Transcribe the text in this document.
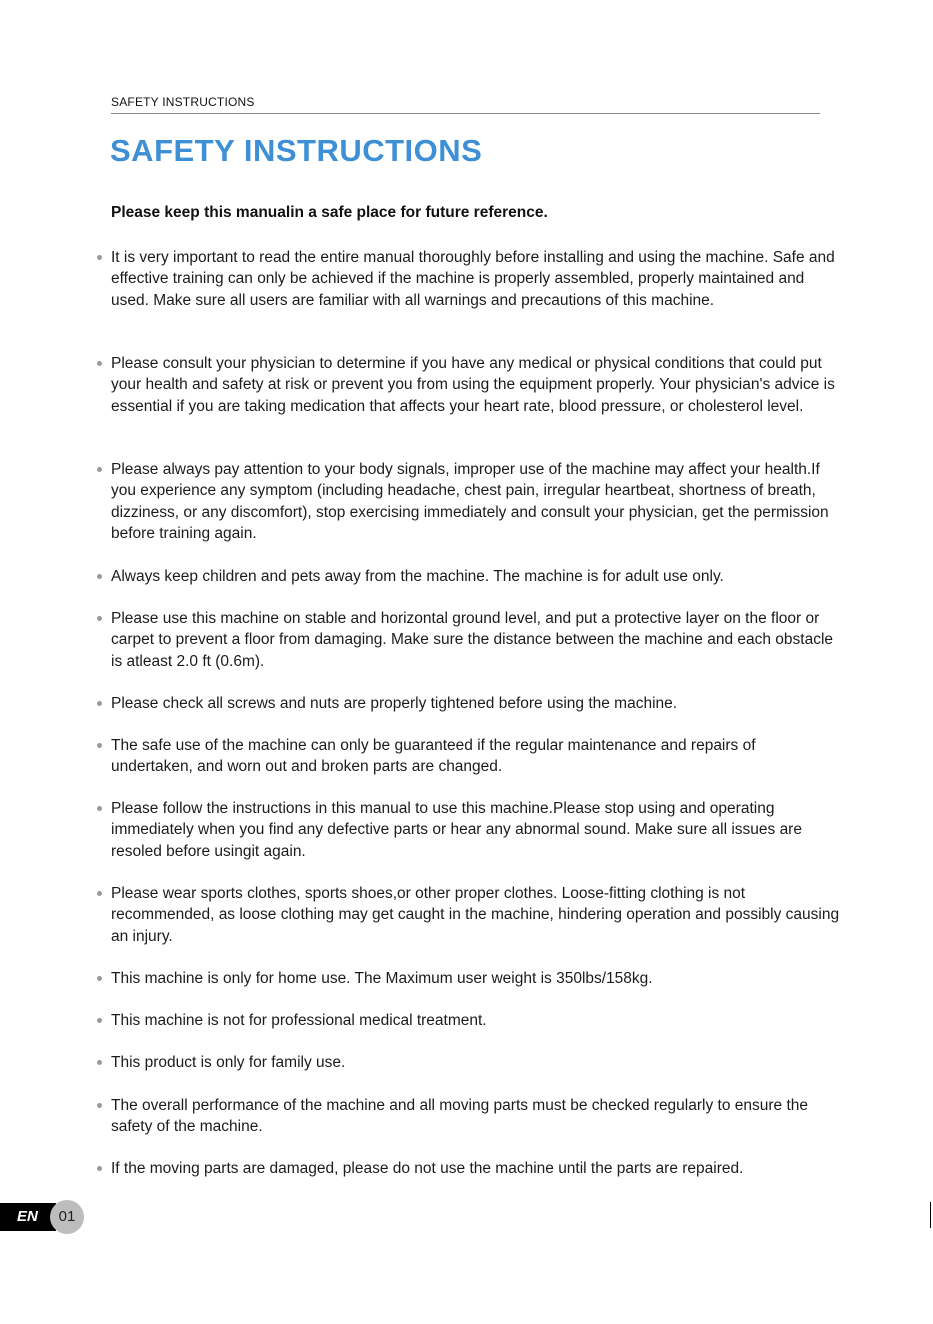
SAFETY INSTRUCTIONS
SAFETY INSTRUCTIONS

Please keep this manualin a safe place for future reference.

It is very important to read the entire manual thoroughly before installing and using the machine. Safe and effective training can only be achieved if the machine is properly assembled, properly maintained and used. Make sure all users are familiar with all warnings and precautions of this machine.
Please consult your physician to determine if you have any medical or physical conditions that could put your health and safety at risk or prevent you from using the equipment properly. Your physician's advice is essential if you are taking medication that affects your heart rate, blood pressure, or cholesterol level.
Please always pay attention to your body signals, improper use of the machine may affect your health.If you experience any symptom (including headache, chest pain, irregular heartbeat, shortness of breath, dizziness, or any discomfort), stop exercising immediately and consult your physician, get the permission before training again.
Always keep children and pets away from the machine. The machine is for adult use only.
Please use this machine on stable and horizontal ground level, and put a protective layer on the floor or carpet to prevent a floor from damaging. Make sure the distance between the machine and each obstacle is atleast 2.0 ft (0.6m).
Please check all screws and nuts are properly tightened before using the machine.
The safe use of the machine can only be guaranteed if the regular maintenance and repairs of undertaken, and worn out and broken parts are changed.
Please follow the instructions in this manual to use this machine.Please stop using and operating immediately when you find any defective parts or hear any abnormal sound. Make sure all issues are resoled before usingit again.
Please wear sports clothes, sports shoes,or other proper clothes. Loose-fitting clothing is not recommended, as loose clothing may get caught in the machine, hindering operation and possibly causing an injury.
This machine is only for home use. The Maximum user weight is 350lbs/158kg.
This machine is not for professional medical treatment.
This product is only for family use.
The overall performance of the machine and all moving parts must be checked regularly to ensure the safety of the machine.
If the moving parts are damaged, please do not use the machine until the parts are repaired.
EN	01
